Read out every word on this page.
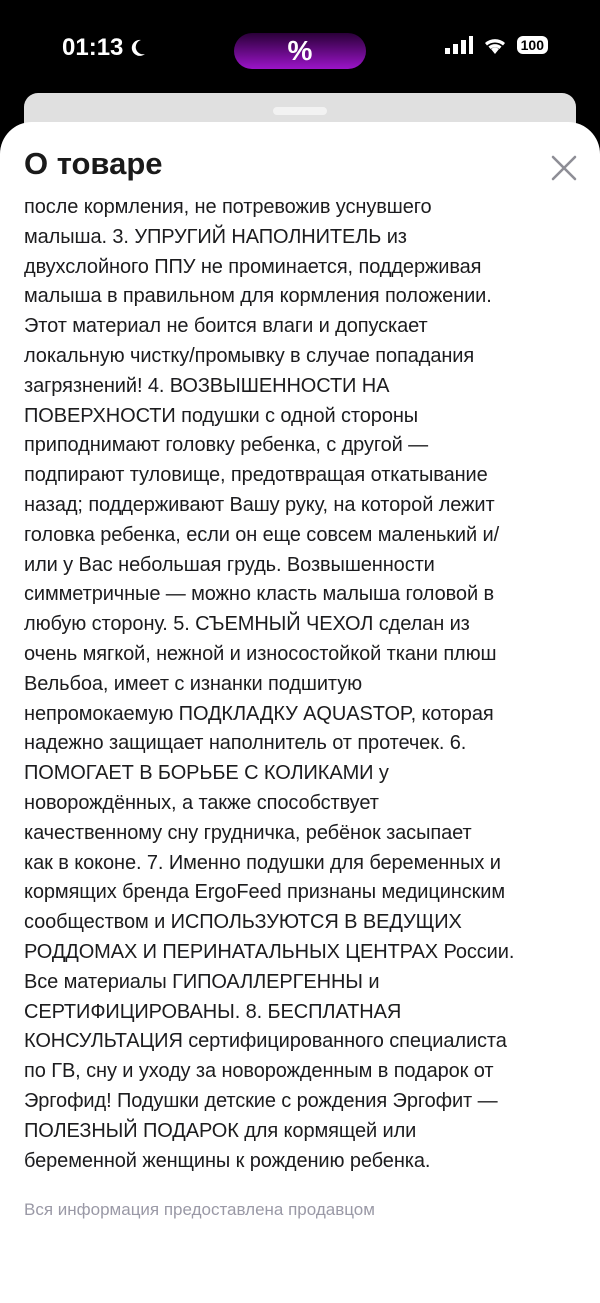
01:13	%	100
О товаре
после кормления, не потревожив уснувшего
малыша. 3. УПРУГИЙ НАПОЛНИТЕЛЬ из
двухслойного ППУ не проминается, поддерживая
малыша в правильном для кормления положении.
Этот материал не боится влаги и допускает
локальную чистку/промывку в случае попадания
загрязнений! 4. ВОЗВЫШЕННОСТИ НА
ПОВЕРХНОСТИ подушки с одной стороны
приподнимают головку ребенка, с другой —
подпирают туловище, предотвращая откатывание
назад; поддерживают Вашу руку, на которой лежит
головка ребенка, если он еще совсем маленький и/
или у Вас небольшая грудь. Возвышенности
симметричные — можно класть малыша головой в
любую сторону. 5. СЪЕМНЫЙ ЧЕХОЛ сделан из
очень мягкой, нежной и износостойкой ткани плюш
Вельбоа, имеет с изнанки подшитую
непромокаемую ПОДКЛАДКУ AQUASTOP, которая
надежно защищает наполнитель от протечек. 6.
ПОМОГАЕТ В БОРЬБЕ С КОЛИКАМИ у
новорождённых, а также способствует
качественному сну грудничка, ребёнок засыпает
как в коконе. 7. Именно подушки для беременных и
кормящих бренда ErgoFeed признаны медицинским
сообществом и ИСПОЛЬЗУЮТСЯ В ВЕДУЩИХ
РОДДОМАХ И ПЕРИНАТАЛЬНЫХ ЦЕНТРАХ России.
Все материалы ГИПОАЛЛЕРГЕННЫ и
СЕРТИФИЦИРОВАНЫ. 8. БЕСПЛАТНАЯ
КОНСУЛЬТАЦИЯ сертифицированного специалиста
по ГВ, сну и уходу за новорожденным в подарок от
Эргофид! Подушки детские с рождения Эргофит —
ПОЛЕЗНЫЙ ПОДАРОК для кормящей или
беременной женщины к рождению ребенка.
Вся информация предоставлена продавцом
